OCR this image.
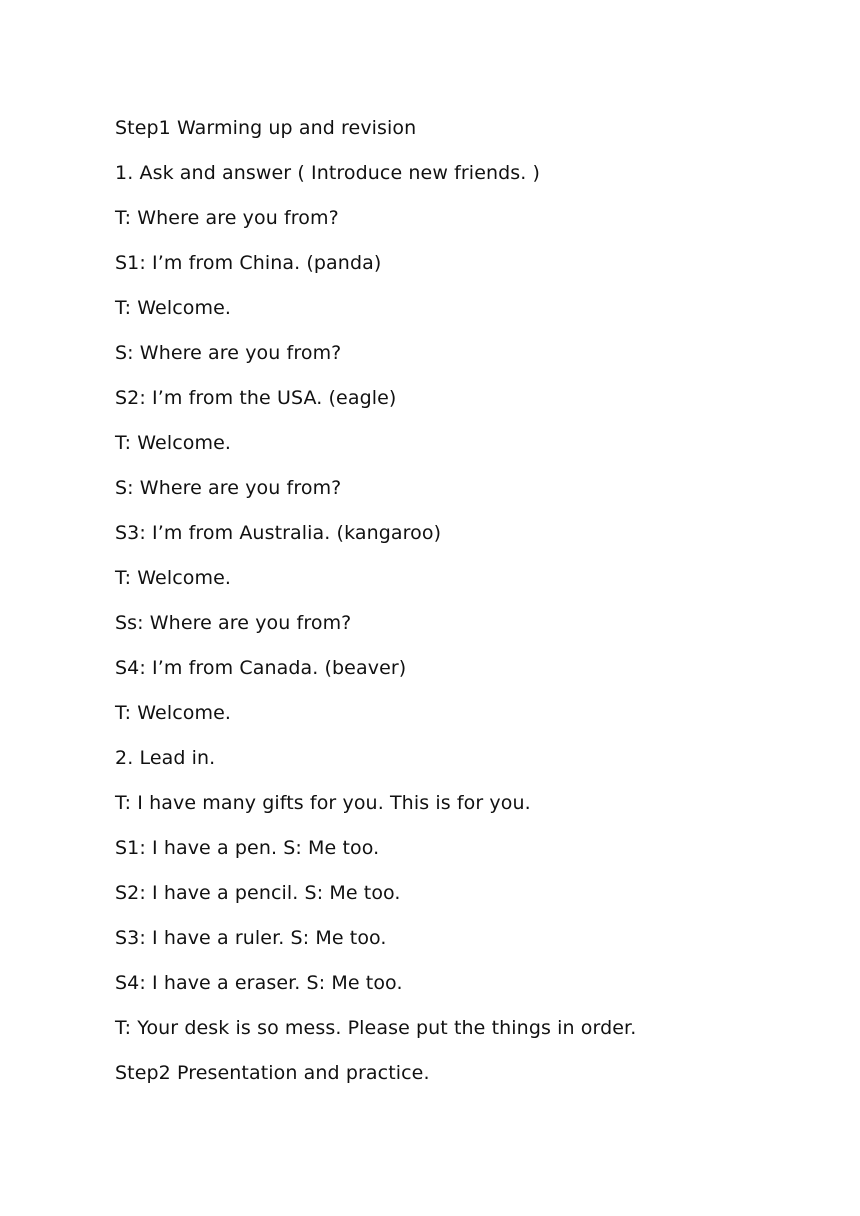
Step1 Warming up and revision
1. Ask and answer ( Introduce new friends. )
T: Where are you from?
S1: I’m from China. (panda)
T: Welcome.
S: Where are you from?
S2: I’m from the USA. (eagle)
T: Welcome.
S: Where are you from?
S3: I’m from Australia. (kangaroo)
T: Welcome.
Ss: Where are you from?
S4: I’m from Canada. (beaver)
T: Welcome.
2. Lead in.
T: I have many gifts for you. This is for you.
S1: I have a pen. S: Me too.
S2: I have a pencil. S: Me too.
S3: I have a ruler. S: Me too.
S4: I have a eraser. S: Me too.
T: Your desk is so mess. Please put the things in order.
Step2 Presentation and practice.
